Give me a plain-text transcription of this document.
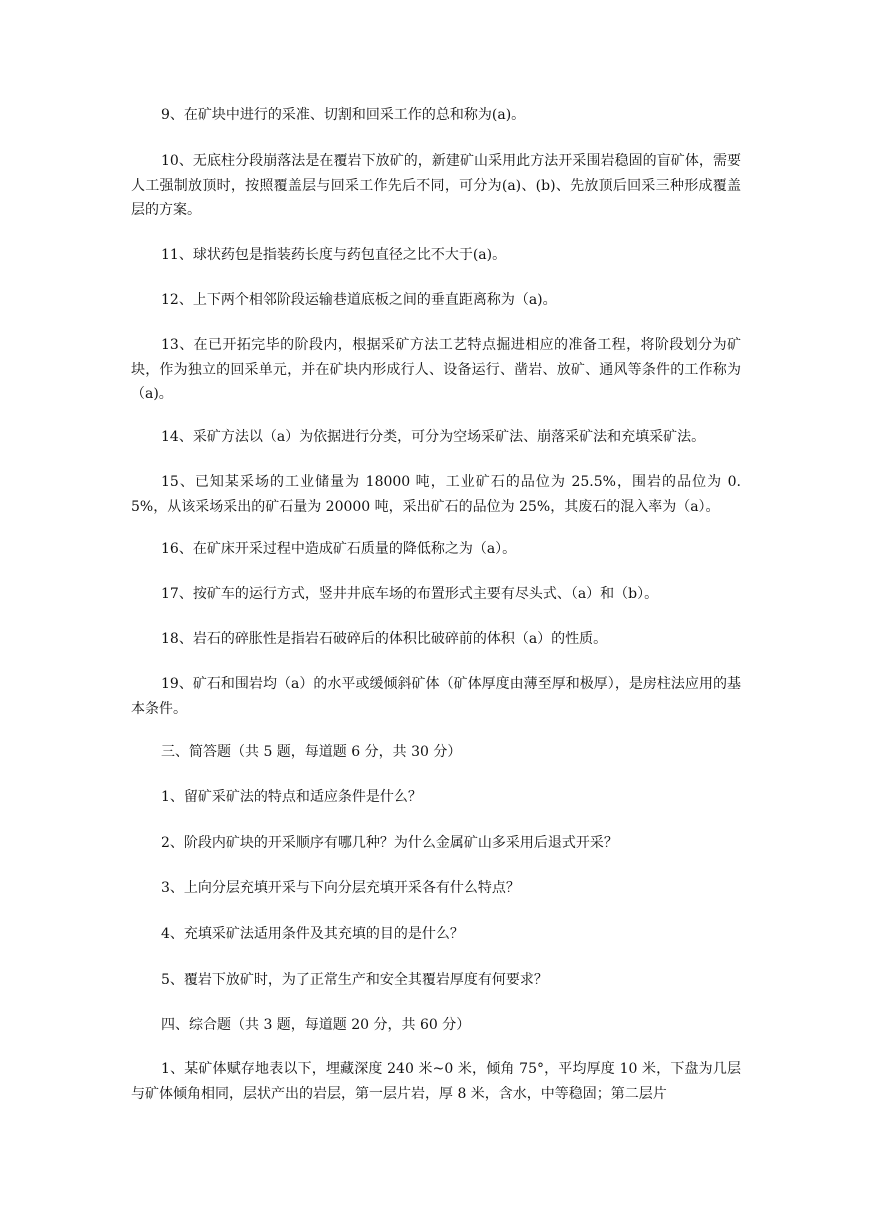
9、在矿块中进行的采准、切割和回采工作的总和称为(a)。

10、无底柱分段崩落法是在覆岩下放矿的，新建矿山采用此方法开采围岩稳固的盲矿体，需要人工强制放顶时，按照覆盖层与回采工作先后不同，可分为(a)、(b)、先放顶后回采三种形成覆盖层的方案。

11、球状药包是指装药长度与药包直径之比不大于(a)。

12、上下两个相邻阶段运输巷道底板之间的垂直距离称为（a)。

13、在已开拓完毕的阶段内，根据采矿方法工艺特点掘进相应的准备工程，将阶段划分为矿块，作为独立的回采单元，并在矿块内形成行人、设备运行、凿岩、放矿、通风等条件的工作称为（a)。

14、采矿方法以（a）为依据进行分类，可分为空场采矿法、崩落采矿法和充填采矿法。

15、已知某采场的工业储量为 18000 吨，工业矿石的品位为 25.5%，围岩的品位为 0.5%，从该采场采出的矿石量为 20000 吨，采出矿石的品位为 25%，其废石的混入率为（a）。

16、在矿床开采过程中造成矿石质量的降低称之为（a）。

17、按矿车的运行方式，竖井井底车场的布置形式主要有尽头式、（a）和（b）。

18、岩石的碎胀性是指岩石破碎后的体积比破碎前的体积（a）的性质。

19、矿石和围岩均（a）的水平或缓倾斜矿体（矿体厚度由薄至厚和极厚），是房柱法应用的基本条件。

三、简答题（共 5 题，每道题 6 分，共 30 分）

1、留矿采矿法的特点和适应条件是什么？

2、阶段内矿块的开采顺序有哪几种？为什么金属矿山多采用后退式开采？

3、上向分层充填开采与下向分层充填开采各有什么特点？

4、充填采矿法适用条件及其充填的目的是什么？

5、覆岩下放矿时，为了正常生产和安全其覆岩厚度有何要求？

四、综合题（共 3 题，每道题 20 分，共 60 分）

1、某矿体赋存地表以下，埋藏深度 240 米~0 米，倾角 75°，平均厚度 10 米，下盘为几层与矿体倾角相同，层状产出的岩层，第一层片岩，厚 8 米，含水，中等稳固；第二层片
